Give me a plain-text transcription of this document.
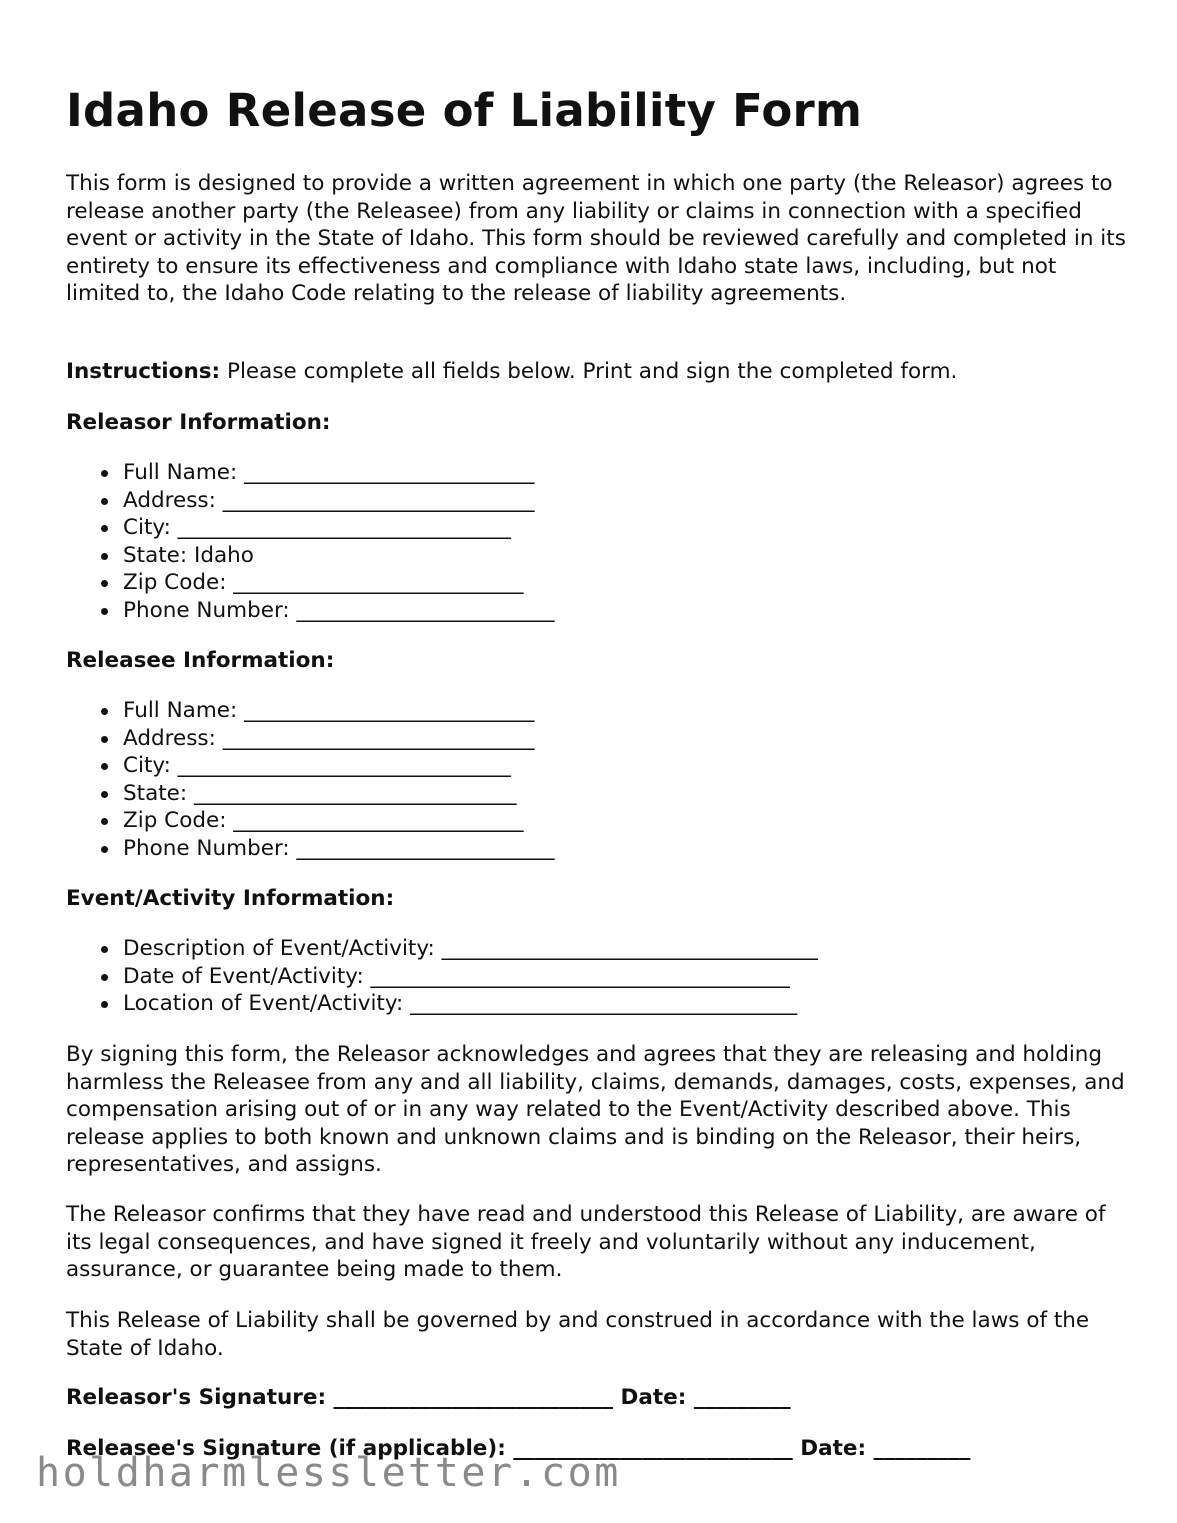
Idaho Release of Liability Form

This form is designed to provide a written agreement in which one party (the Releasor) agrees to release another party (the Releasee) from any liability or claims in connection with a specified event or activity in the State of Idaho. This form should be reviewed carefully and completed in its entirety to ensure its effectiveness and compliance with Idaho state laws, including, but not limited to, the Idaho Code relating to the release of liability agreements.

Instructions: Please complete all fields below. Print and sign the completed form.

Releasor Information:

Full Name: ___________________________
Address: _____________________________
City: _______________________________
State: Idaho
Zip Code: ___________________________
Phone Number: ________________________

Releasee Information:

Full Name: ___________________________
Address: _____________________________
City: _______________________________
State: ______________________________
Zip Code: ___________________________
Phone Number: ________________________

Event/Activity Information:

Description of Event/Activity: ___________________________________
Date of Event/Activity: _______________________________________
Location of Event/Activity: ____________________________________

By signing this form, the Releasor acknowledges and agrees that they are releasing and holding harmless the Releasee from any and all liability, claims, demands, damages, costs, expenses, and compensation arising out of or in any way related to the Event/Activity described above. This release applies to both known and unknown claims and is binding on the Releasor, their heirs, representatives, and assigns.

The Releasor confirms that they have read and understood this Release of Liability, are aware of its legal consequences, and have signed it freely and voluntarily without any inducement, assurance, or guarantee being made to them.

This Release of Liability shall be governed by and construed in accordance with the laws of the State of Idaho.

Releasor's Signature: __________________________ Date: _________

Releasee's Signature (if applicable): __________________________ Date: _________

holdharmlessletter.com
